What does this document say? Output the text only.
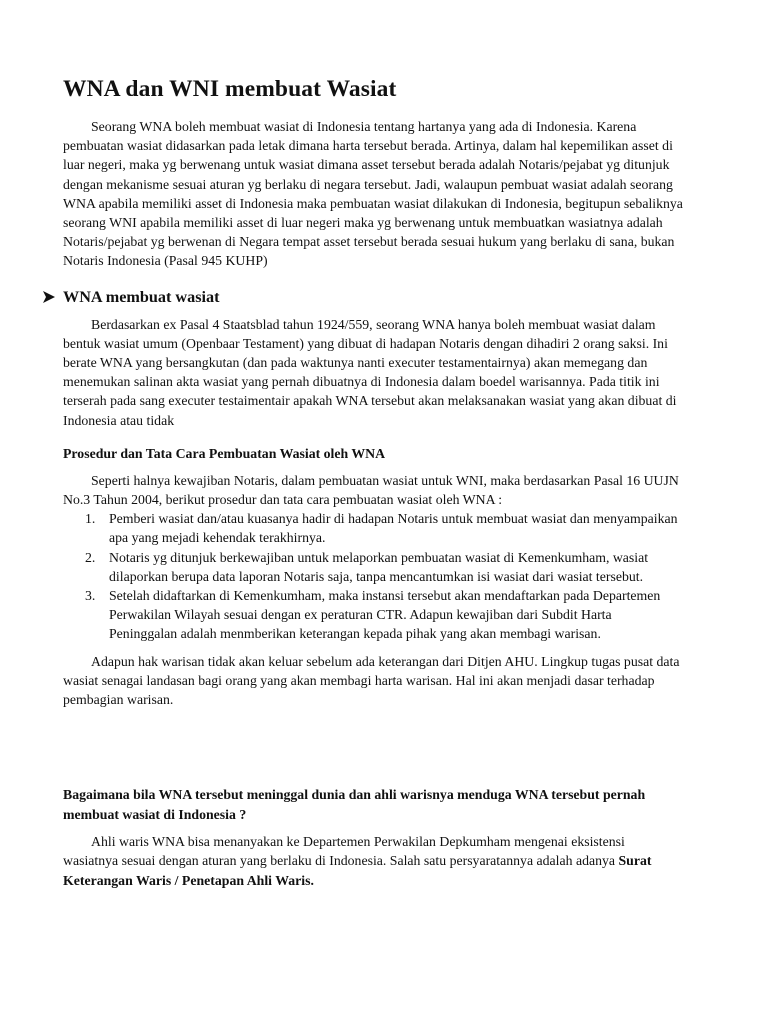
WNA dan WNI membuat Wasiat

Seorang WNA boleh membuat wasiat di Indonesia tentang hartanya yang ada di Indonesia. Karena pembuatan wasiat didasarkan pada letak dimana harta tersebut berada. Artinya, dalam hal kepemilikan asset di luar negeri, maka yg berwenang untuk wasiat dimana asset tersebut berada adalah Notaris/pejabat yg ditunjuk dengan mekanisme sesuai aturan yg berlaku di negara tersebut. Jadi, walaupun pembuat wasiat adalah seorang WNA apabila memiliki asset di Indonesia maka pembuatan wasiat dilakukan di Indonesia, begitupun sebaliknya seorang WNI apabila memiliki asset di luar negeri maka yg berwenang untuk membuatkan wasiatnya adalah Notaris/pejabat yg berwenan di Negara tempat asset tersebut berada sesuai hukum yang berlaku di sana, bukan Notaris Indonesia (Pasal 945 KUHP)

WNA membuat wasiat

Berdasarkan ex Pasal 4 Staatsblad tahun 1924/559, seorang WNA hanya boleh membuat wasiat dalam bentuk wasiat umum (Openbaar Testament) yang dibuat di hadapan Notaris dengan dihadiri 2 orang saksi. Ini berate WNA yang bersangkutan (dan pada waktunya nanti executer testamentairnya) akan memegang dan menemukan salinan akta wasiat yang pernah dibuatnya di Indonesia dalam boedel warisannya. Pada titik ini terserah pada sang executer testaimentair apakah WNA tersebut akan melaksanakan wasiat yang akan dibuat di Indonesia atau tidak

Prosedur dan Tata Cara Pembuatan Wasiat oleh WNA

Seperti halnya kewajiban Notaris, dalam pembuatan wasiat untuk WNI, maka berdasarkan Pasal 16 UUJN No.3 Tahun 2004, berikut prosedur dan tata cara pembuatan wasiat oleh WNA :

1. Pemberi wasiat dan/atau kuasanya hadir di hadapan Notaris untuk membuat wasiat dan menyampaikan apa yang mejadi kehendak terakhirnya.
2. Notaris yg ditunjuk berkewajiban untuk melaporkan pembuatan wasiat di Kemenkumham, wasiat dilaporkan berupa data laporan Notaris saja, tanpa mencantumkan isi wasiat dari wasiat tersebut.
3. Setelah didaftarkan di Kemenkumham, maka instansi tersebut akan mendaftarkan pada Departemen Perwakilan Wilayah sesuai dengan ex peraturan CTR. Adapun kewajiban dari Subdit Harta Peninggalan adalah menmberikan keterangan kepada pihak yang akan membagi warisan.

Adapun hak warisan tidak akan keluar sebelum ada keterangan dari Ditjen AHU. Lingkup tugas pusat data wasiat senagai landasan bagi orang yang akan membagi harta warisan. Hal ini akan menjadi dasar terhadap pembagian warisan.

Bagaimana bila WNA tersebut meninggal dunia dan ahli warisnya menduga WNA tersebut pernah membuat wasiat di Indonesia ?

Ahli waris WNA bisa menanyakan ke Departemen Perwakilan Depkumham mengenai eksistensi wasiatnya sesuai dengan aturan yang berlaku di Indonesia. Salah satu persyaratannya adalah adanya Surat Keterangan Waris / Penetapan Ahli Waris.
